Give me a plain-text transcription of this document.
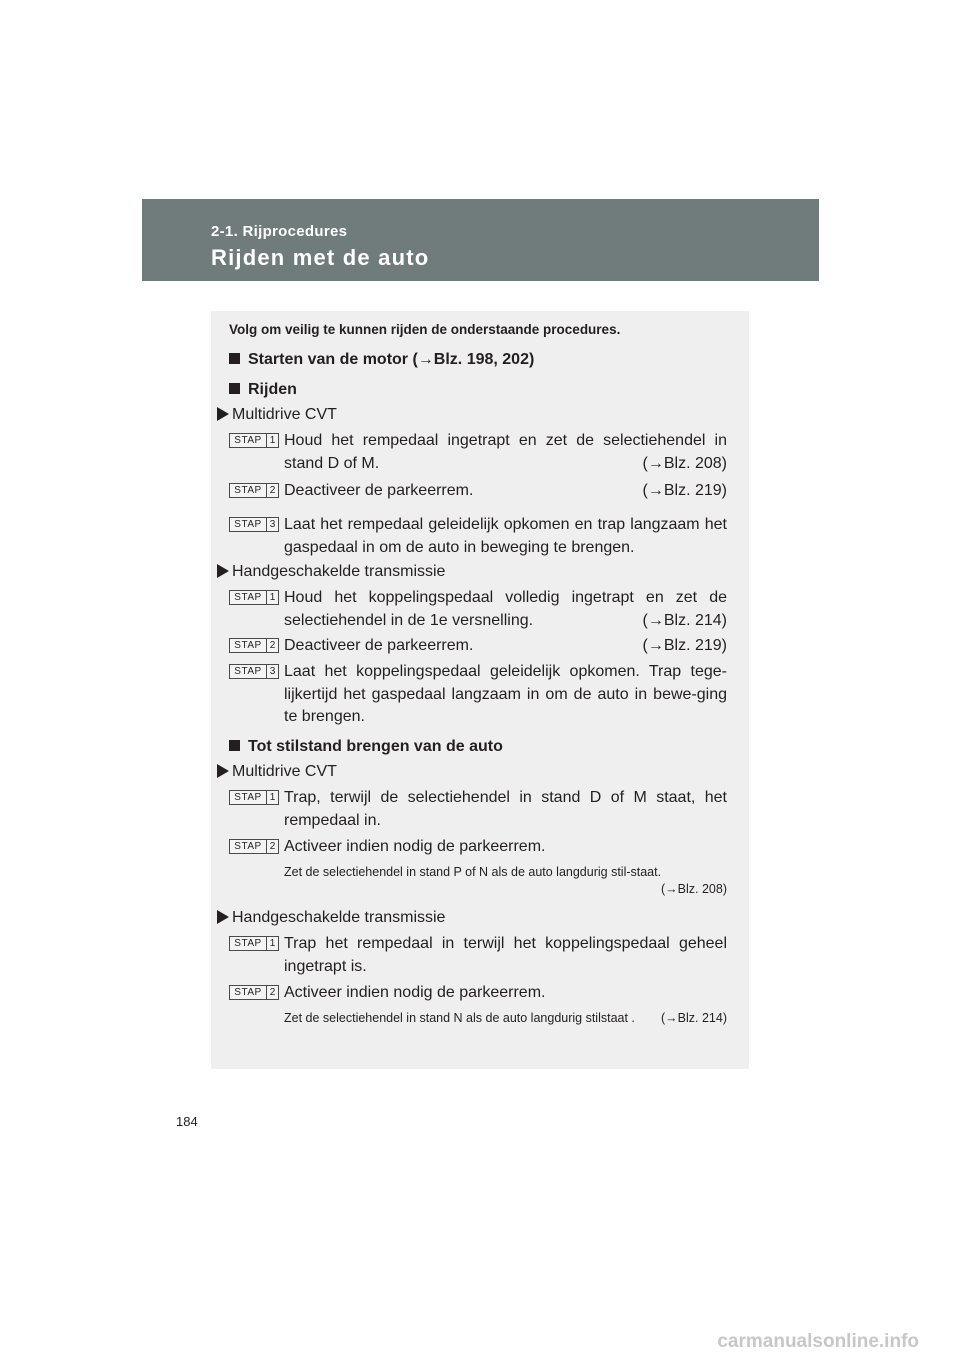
2-1. Rijprocedures
Rijden met de auto
Volg om veilig te kunnen rijden de onderstaande procedures.
Starten van de motor (→Blz. 198, 202)
Rijden
Multidrive CVT
STAP 1 Houd het rempedaal ingetrapt en zet de selectiehendel in stand D of M.	(→Blz. 208)
STAP 2 Deactiveer de parkeerrem.	(→Blz. 219)
STAP 3 Laat het rempedaal geleidelijk opkomen en trap langzaam het gaspedaal in om de auto in beweging te brengen.
Handgeschakelde transmissie
STAP 1 Houd het koppelingspedaal volledig ingetrapt en zet de selectiehendel in de 1e versnelling.	(→Blz. 214)
STAP 2 Deactiveer de parkeerrem.	(→Blz. 219)
STAP 3 Laat het koppelingspedaal geleidelijk opkomen. Trap tege-lijkertijd het gaspedaal langzaam in om de auto in bewe-ging te brengen.
Tot stilstand brengen van de auto
Multidrive CVT
STAP 1 Trap, terwijl de selectiehendel in stand D of M staat, het rempedaal in.
STAP 2 Activeer indien nodig de parkeerrem.
Zet de selectiehendel in stand P of N als de auto langdurig stil-staat.
(→Blz. 208)
Handgeschakelde transmissie
STAP 1 Trap het rempedaal in terwijl het koppelingspedaal geheel ingetrapt is.
STAP 2 Activeer indien nodig de parkeerrem.
Zet de selectiehendel in stand N als de auto langdurig stilstaat . (→Blz. 214)
184
carmanualsonline.info
